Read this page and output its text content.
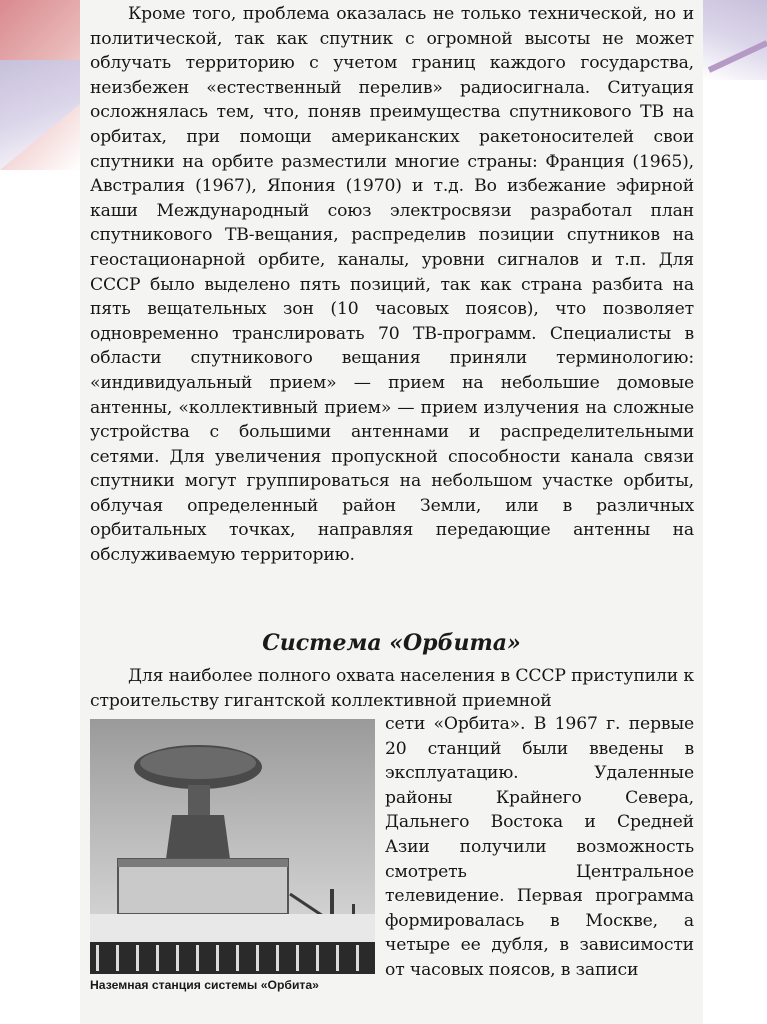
Кроме того, проблема оказалась не только технической, но и политической, так как спутник с огромной высоты не может облучать территорию с учетом границ каждого государства, неизбежен «естественный перелив» радиосигнала. Ситуация осложнялась тем, что, поняв преимущества спутникового ТВ на орбитах, при помощи американских ракетоносителей свои спутники на орбите разместили многие страны: Франция (1965), Австралия (1967), Япония (1970) и т.д. Во избежание эфирной каши Международный союз электросвязи разработал план спутникового ТВ-вещания, распределив позиции спутников на геостационарной орбите, каналы, уровни сигналов и т.п. Для СССР было выделено пять позиций, так как страна разбита на пять вещательных зон (10 часовых поясов), что позволяет одновременно транслировать 70 ТВ-программ. Специалисты в области спутникового вещания приняли терминологию: «индивидуальный прием» — прием на небольшие домовые антенны, «коллективный прием» — прием излучения на сложные устройства с большими антеннами и распределительными сетями. Для увеличения пропускной способности канала связи спутники могут группироваться на небольшом участке орбиты, облучая определенный район Земли, или в различных орбитальных точках, направляя передающие антенны на обслуживаемую территорию.

Система «Орбита»

Для наиболее полного охвата населения в СССР приступили к строительству гигантской коллективной приемной

сети «Орбита». В 1967 г. первые 20 станций были введены в эксплуатацию. Удаленные районы Крайнего Севера, Дальнего Востока и Средней Азии получили возможность смотреть Центральное телевидение. Первая программа формировалась в Москве, а четыре ее дубля, в зависимости от часовых поясов, в записи

Наземная станция системы «Орбита»
